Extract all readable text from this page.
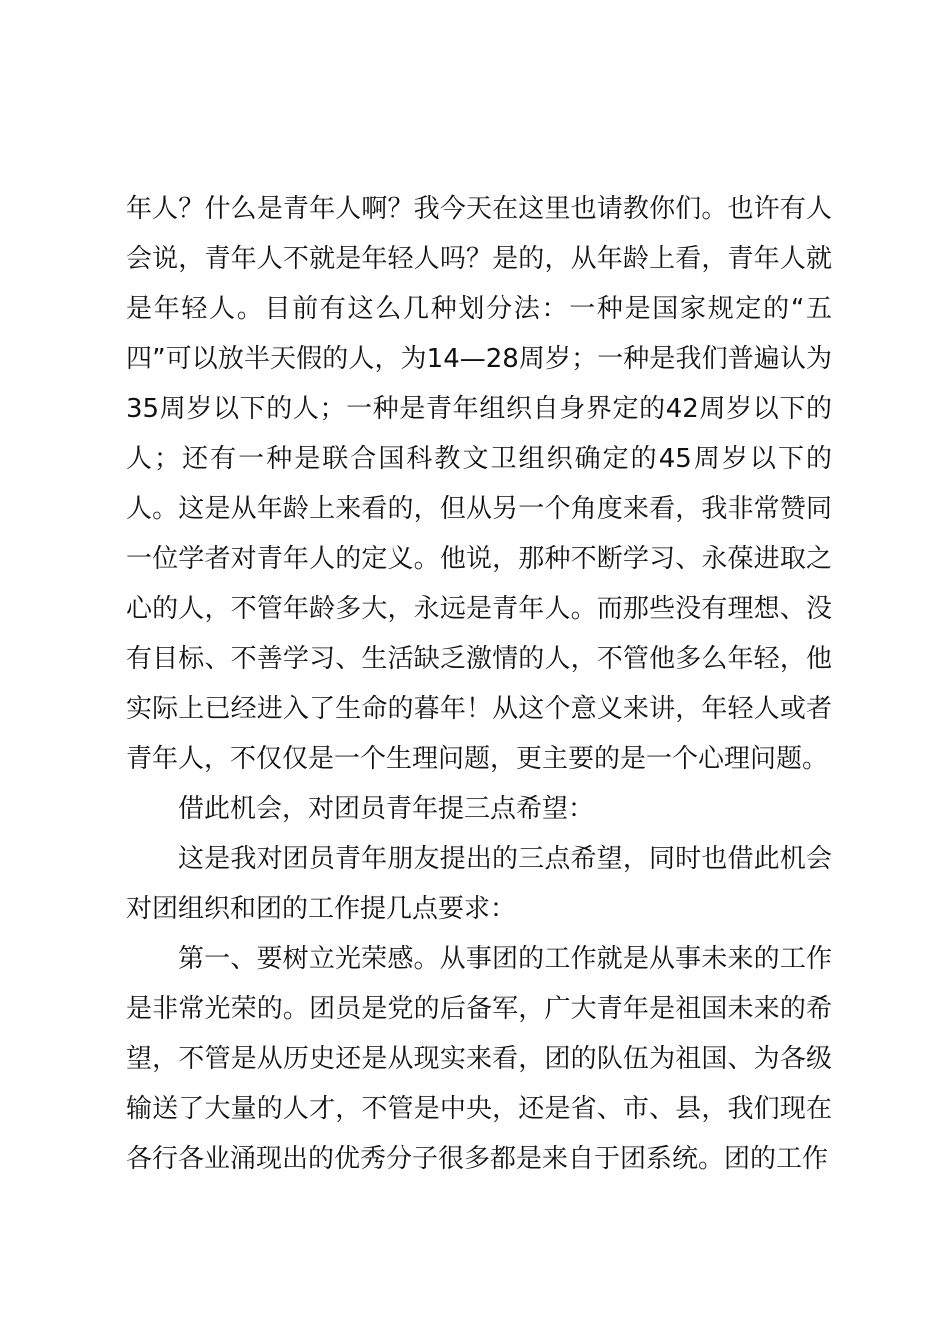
年人？什么是青年人啊？我今天在这里也请教你们。也许有人会说，青年人不就是年轻人吗？是的，从年龄上看，青年人就是年轻人。目前有这么几种划分法：一种是国家规定的“五四”可以放半天假的人，为14—28周岁；一种是我们普遍认为35周岁以下的人；一种是青年组织自身界定的42周岁以下的人；还有一种是联合国科教文卫组织确定的45周岁以下的人。这是从年龄上来看的，但从另一个角度来看，我非常赞同一位学者对青年人的定义。他说，那种不断学习、永葆进取之心的人，不管年龄多大，永远是青年人。而那些没有理想、没有目标、不善学习、生活缺乏激情的人，不管他多么年轻，他实际上已经进入了生命的暮年！从这个意义来讲，年轻人或者青年人，不仅仅是一个生理问题，更主要的是一个心理问题。

借此机会，对团员青年提三点希望：

这是我对团员青年朋友提出的三点希望，同时也借此机会对团组织和团的工作提几点要求：

第一、要树立光荣感。从事团的工作就是从事未来的工作是非常光荣的。团员是党的后备军，广大青年是祖国未来的希望，不管是从历史还是从现实来看，团的队伍为祖国、为各级输送了大量的人才，不管是中央，还是省、市、县，我们现在各行各业涌现出的优秀分子很多都是来自于团系统。团的工作
